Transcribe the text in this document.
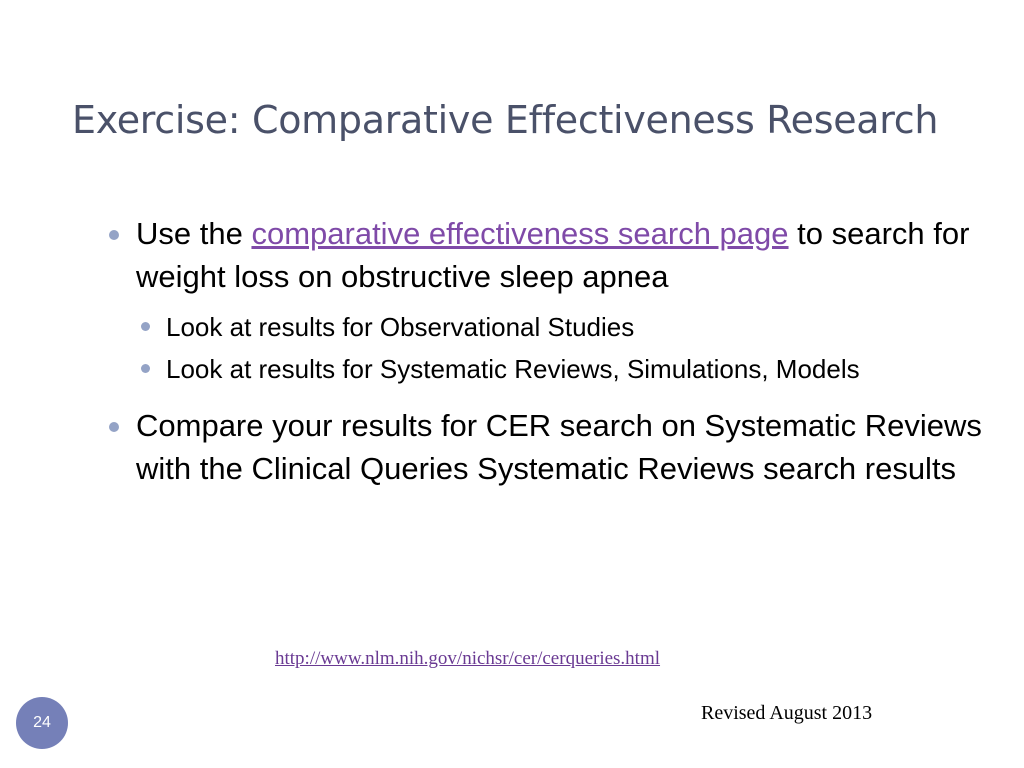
Exercise: Comparative Effectiveness Research
Use the comparative effectiveness search page to search for weight loss on obstructive sleep apnea
Look at results for Observational Studies
Look at results for Systematic Reviews, Simulations, Models
Compare your results for CER search on Systematic Reviews with the Clinical Queries Systematic Reviews search results
http://www.nlm.nih.gov/nichsr/cer/cerqueries.html
Revised August 2013
24
